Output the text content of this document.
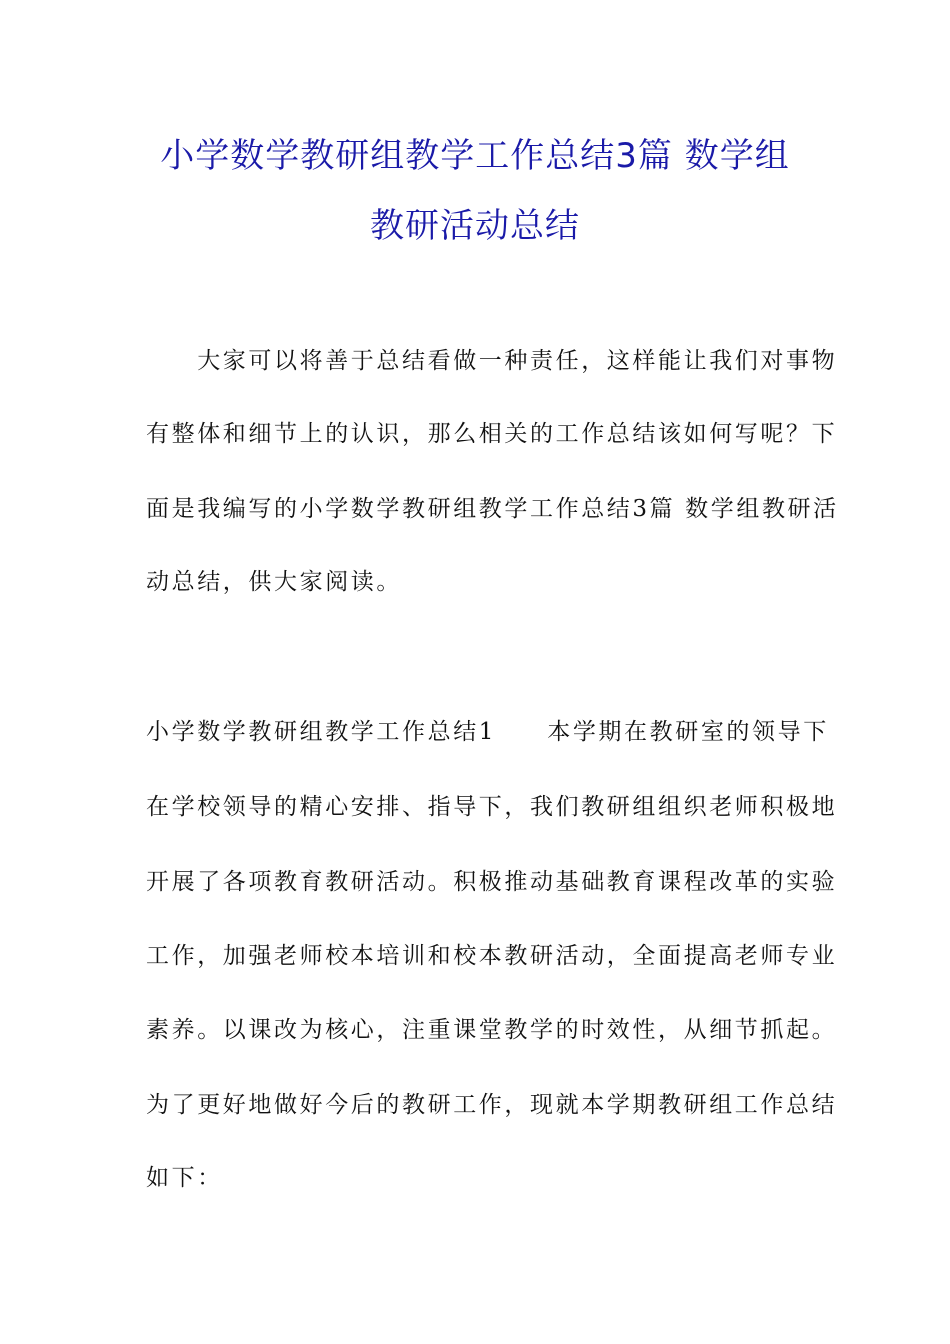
小学数学教研组教学工作总结3篇 数学组
教研活动总结
　　大家可以将善于总结看做一种责任，这样能让我们对事物
有整体和细节上的认识，那么相关的工作总结该如何写呢？下
面是我编写的小学数学教研组教学工作总结3篇 数学组教研活
动总结，供大家阅读。
小学数学教研组教学工作总结1　　本学期在教研室的领导下
在学校领导的精心安排、指导下，我们教研组组织老师积极地
开展了各项教育教研活动。积极推动基础教育课程改革的实验
工作，加强老师校本培训和校本教研活动，全面提高老师专业
素养。以课改为核心，注重课堂教学的时效性，从细节抓起。
为了更好地做好今后的教研工作，现就本学期教研组工作总结
如下：
